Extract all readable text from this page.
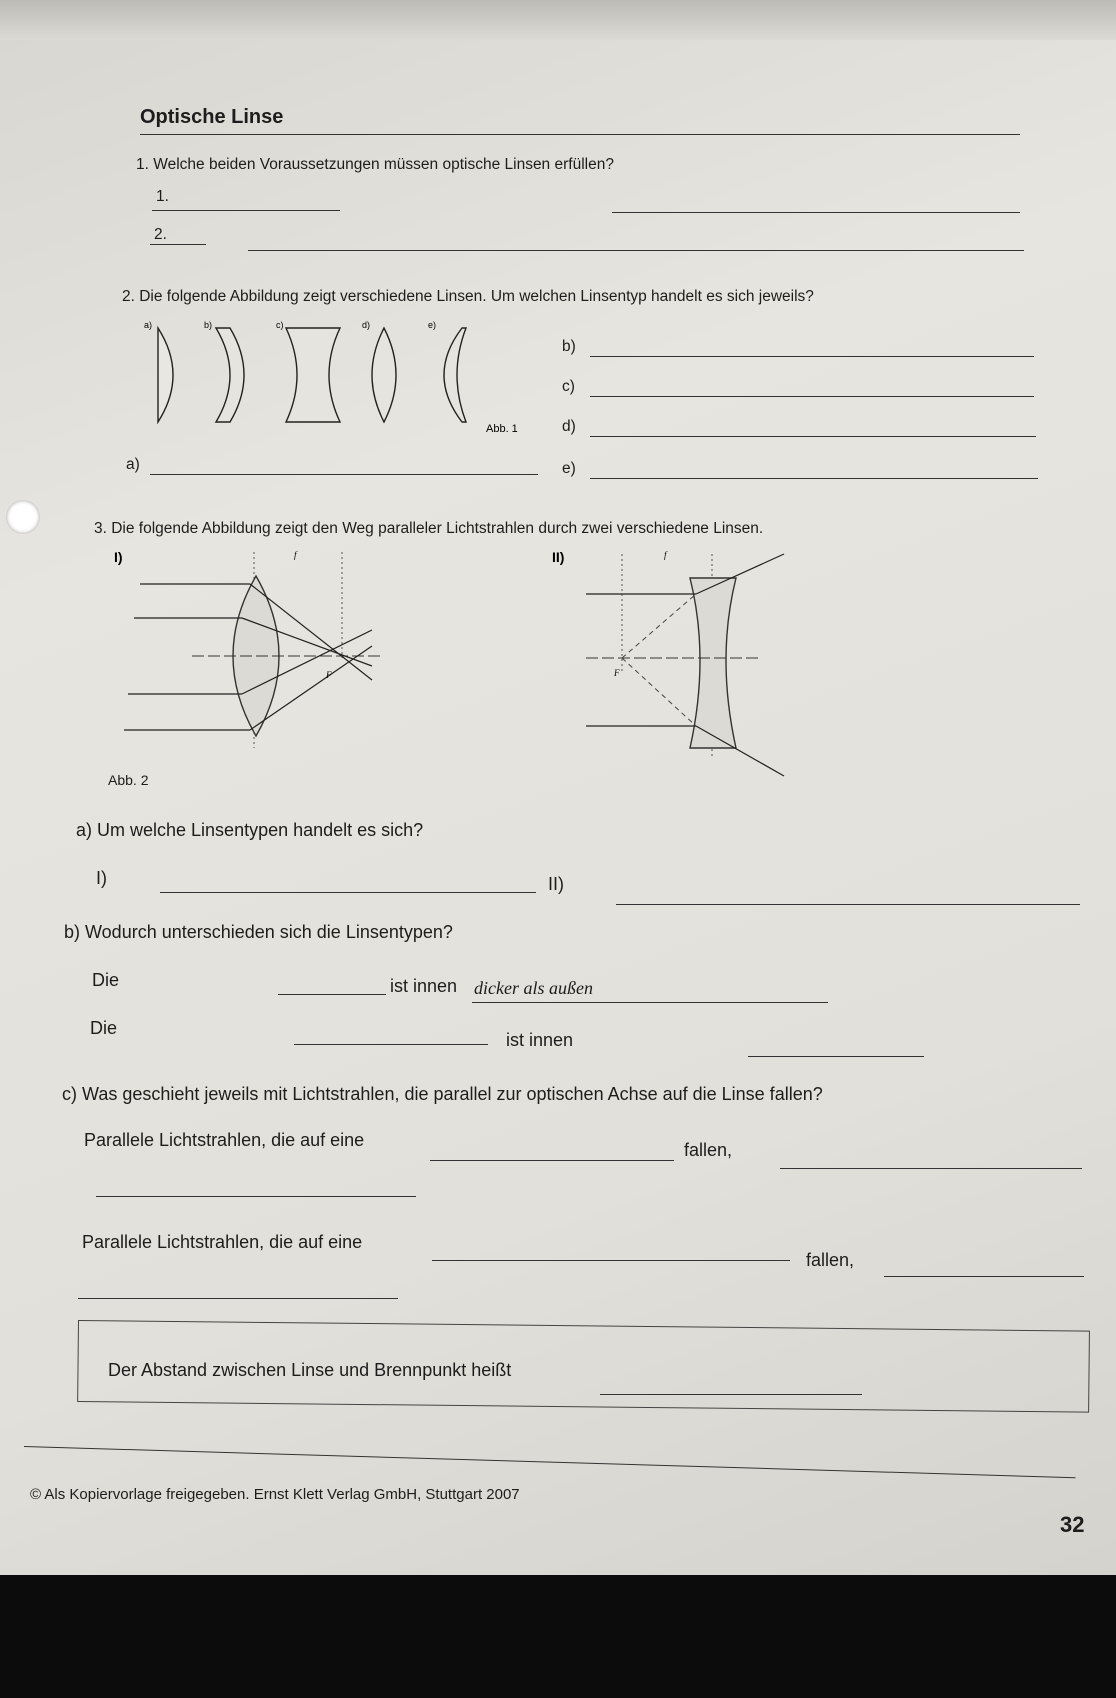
Optische Linse
1. Welche beiden Voraussetzungen müssen optische Linsen erfüllen?
1.
2.
2. Die folgende Abbildung zeigt verschiedene Linsen. Um welchen Linsentyp handelt es sich jeweils?
a)	b)	c)	d)	e)
Abb. 1
b)
c)
d)
a)	e)
3. Die folgende Abbildung zeigt den Weg paralleler Lichtstrahlen durch zwei verschiedene Linsen.
I)	f
F
II)	f
F
Abb. 2
a) Um welche Linsentypen handelt es sich?
I)	II)
b) Wodurch unterschieden sich die Linsentypen?
Die	ist innen dicker als außen
Die
ist innen
c) Was geschieht jeweils mit Lichtstrahlen, die parallel zur optischen Achse auf die Linse fallen?
Parallele Lichtstrahlen, die auf eine	fallen,
Parallele Lichtstrahlen, die auf eine
fallen,
Der Abstand zwischen Linse und Brennpunkt heißt
© Als Kopiervorlage freigegeben. Ernst Klett Verlag GmbH, Stuttgart 2007
32
